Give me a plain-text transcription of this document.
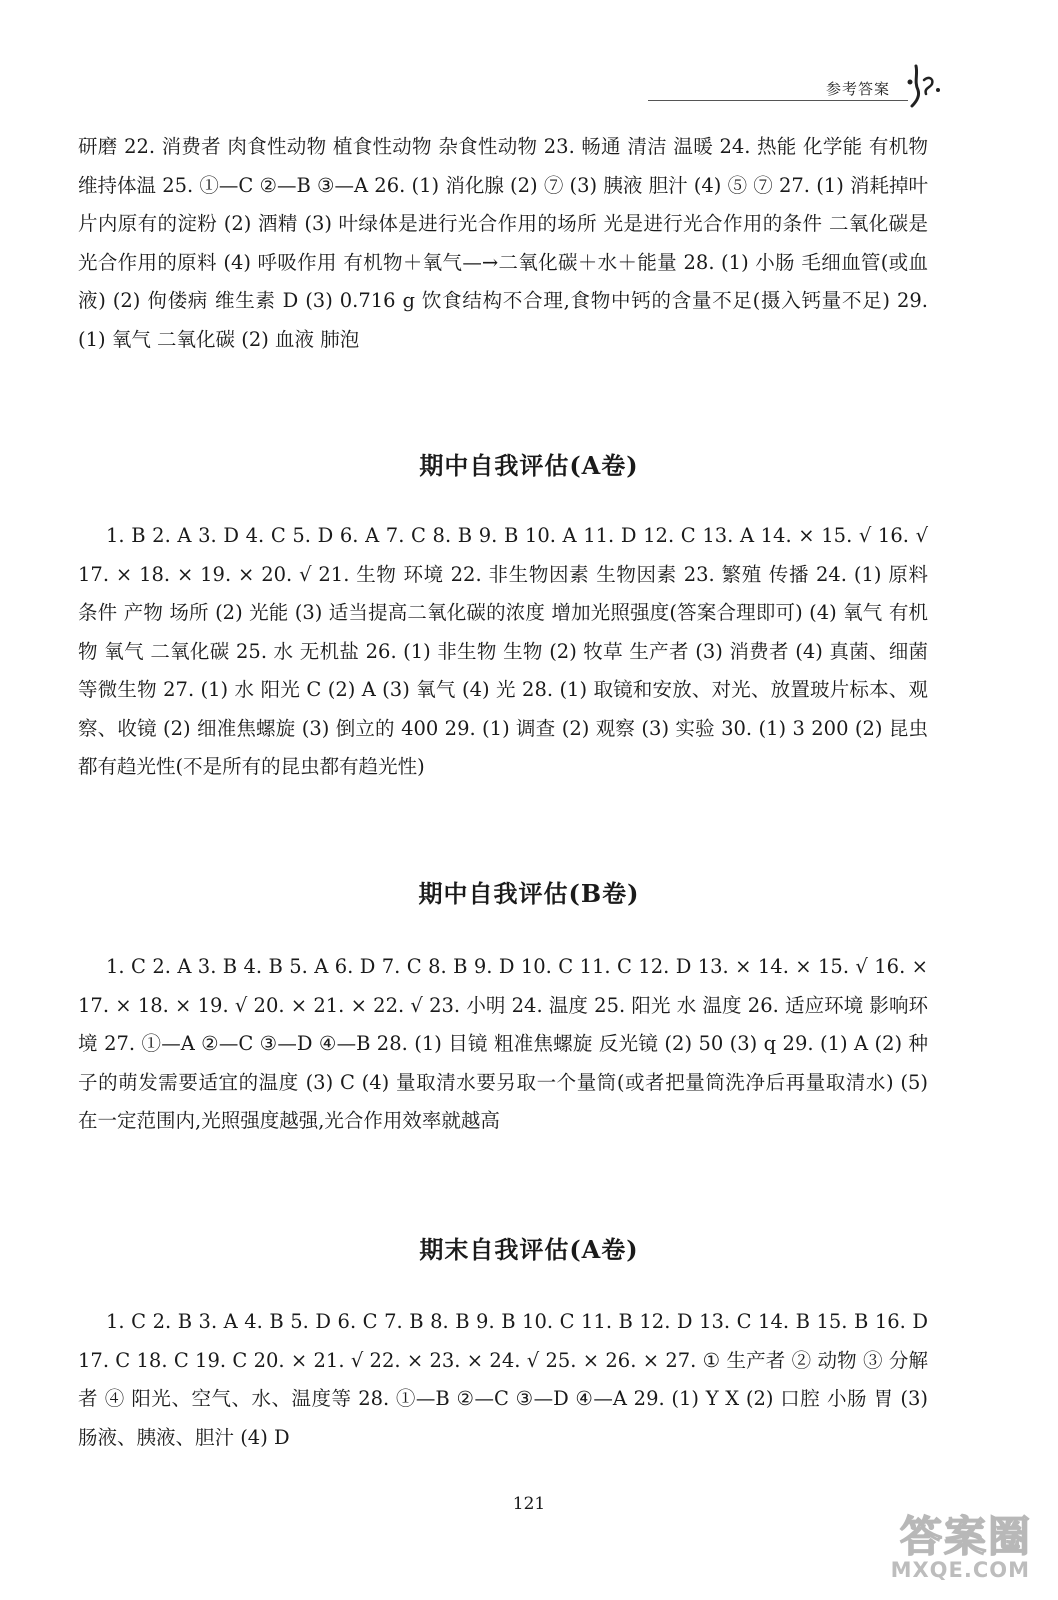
参考答案

研磨 22. 消费者 肉食性动物 植食性动物 杂食性动物 23. 畅通 清洁 温暖 24. 热能 化学能 有机物 维持体温 25. ①—C ②—B ③—A 26. (1) 消化腺 (2) ⑦ (3) 胰液 胆汁 (4) ⑤ ⑦ 27. (1) 消耗掉叶片内原有的淀粉 (2) 酒精 (3) 叶绿体是进行光合作用的场所 光是进行光合作用的条件 二氧化碳是光合作用的原料 (4) 呼吸作用 有机物＋氧气—→二氧化碳＋水＋能量 28. (1) 小肠 毛细血管(或血液) (2) 佝偻病 维生素 D (3) 0.716 g 饮食结构不合理,食物中钙的含量不足(摄入钙量不足) 29. (1) 氧气 二氧化碳 (2) 血液 肺泡

期中自我评估(A卷)

1. B 2. A 3. D 4. C 5. D 6. A 7. C 8. B 9. B 10. A 11. D 12. C 13. A 14. × 15. √ 16. √ 17. × 18. × 19. × 20. √ 21. 生物 环境 22. 非生物因素 生物因素 23. 繁殖 传播 24. (1) 原料 条件 产物 场所 (2) 光能 (3) 适当提高二氧化碳的浓度 增加光照强度(答案合理即可) (4) 氧气 有机物 氧气 二氧化碳 25. 水 无机盐 26. (1) 非生物 生物 (2) 牧草 生产者 (3) 消费者 (4) 真菌、细菌等微生物 27. (1) 水 阳光 C (2) A (3) 氧气 (4) 光 28. (1) 取镜和安放、对光、放置玻片标本、观察、收镜 (2) 细准焦螺旋 (3) 倒立的 400 29. (1) 调查 (2) 观察 (3) 实验 30. (1) 3 200 (2) 昆虫都有趋光性(不是所有的昆虫都有趋光性)

期中自我评估(B卷)

1. C 2. A 3. B 4. B 5. A 6. D 7. C 8. B 9. D 10. C 11. C 12. D 13. × 14. × 15. √ 16. × 17. × 18. × 19. √ 20. × 21. × 22. √ 23. 小明 24. 温度 25. 阳光 水 温度 26. 适应环境 影响环境 27. ①—A ②—C ③—D ④—B 28. (1) 目镜 粗准焦螺旋 反光镜 (2) 50 (3) q 29. (1) A (2) 种子的萌发需要适宜的温度 (3) C (4) 量取清水要另取一个量筒(或者把量筒洗净后再量取清水) (5) 在一定范围内,光照强度越强,光合作用效率就越高

期末自我评估(A卷)

1. C 2. B 3. A 4. B 5. D 6. C 7. B 8. B 9. B 10. C 11. B 12. D 13. C 14. B 15. B 16. D 17. C 18. C 19. C 20. × 21. √ 22. × 23. × 24. √ 25. × 26. × 27. ① 生产者 ② 动物 ③ 分解者 ④ 阳光、空气、水、温度等 28. ①—B ②—C ③—D ④—A 29. (1) Y X (2) 口腔 小肠 胃 (3) 肠液、胰液、胆汁 (4) D

121
答案圈
MXQE.COM
